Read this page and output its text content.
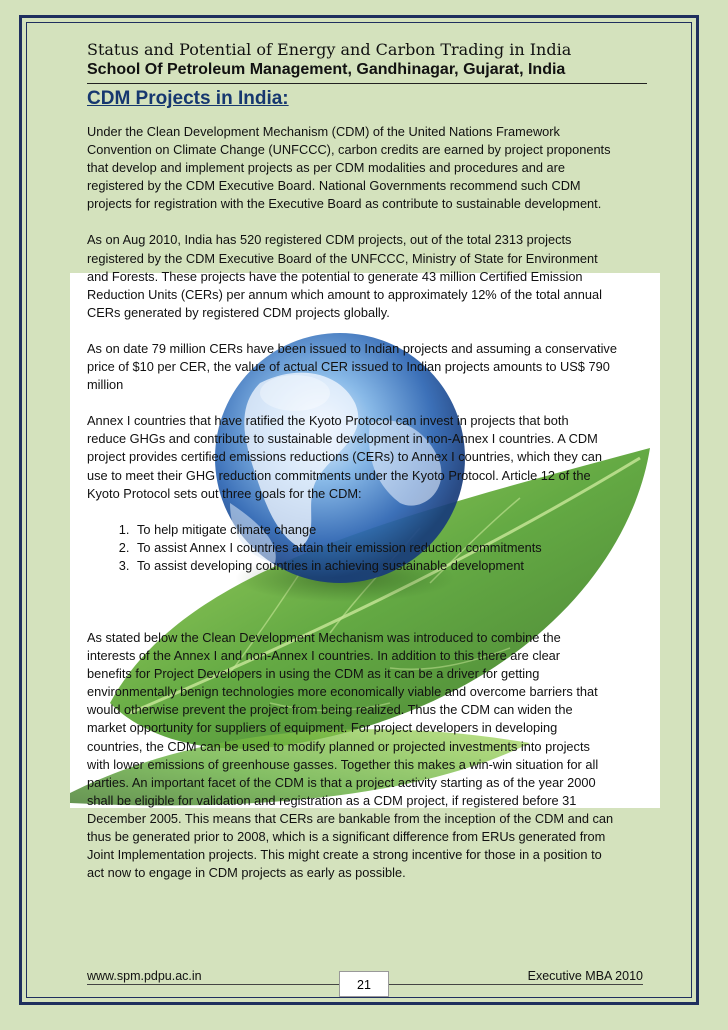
Status and Potential of Energy and Carbon Trading in India
School Of Petroleum Management, Gandhinagar, Gujarat, India
CDM Projects in India:
Under the Clean Development Mechanism (CDM) of the United Nations Framework
Convention on Climate Change (UNFCCC), carbon credits are earned by project proponents
that develop and implement projects as per CDM modalities and procedures and are
registered by the CDM Executive Board. National Governments recommend such CDM
projects for registration with the Executive Board as contribute to sustainable development.
As on Aug 2010, India has 520 registered CDM projects, out of the total 2313 projects
registered by the CDM Executive Board of the UNFCCC, Ministry of State for Environment
and Forests. These projects have the potential to generate 43 million Certified Emission
Reduction Units (CERs) per annum which amount to approximately 12% of the total annual
CERs generated by registered CDM projects globally.
As on date 79 million CERs have been issued to Indian projects and assuming a conservative
price of $10 per CER, the value of actual CER issued to Indian projects amounts to US$ 790
million
Annex I countries that have ratified the Kyoto Protocol can invest in projects that both
reduce GHGs and contribute to sustainable development in non-Annex I countries. A CDM
project provides certified emissions reductions (CERs) to Annex I countries, which they can
use to meet their GHG reduction commitments under the Kyoto Protocol. Article 12 of the
Kyoto Protocol sets out three goals for the CDM:
1. To help mitigate climate change
2. To assist Annex I countries attain their emission reduction commitments
3. To assist developing countries in achieving sustainable development
As stated below the Clean Development Mechanism was introduced to combine the
interests of the Annex I and non-Annex I countries. In addition to this there are clear
benefits for Project Developers in using the CDM as it can be a driver for getting
environmentally benign technologies more economically viable and overcome barriers that
would otherwise prevent the project from being realized. Thus the CDM can widen the
market opportunity for suppliers of equipment. For project developers in developing
countries, the CDM can be used to modify planned or projected investments into projects
with lower emissions of greenhouse gasses. Together this makes a win-win situation for all
parties. An important facet of the CDM is that a project activity starting as of the year 2000
shall be eligible for validation and registration as a CDM project, if registered before 31
December 2005. This means that CERs are bankable from the inception of the CDM and can
thus be generated prior to 2008, which is a significant difference from ERUs generated from
Joint Implementation projects. This might create a strong incentive for those in a position to
act now to engage in CDM projects as early as possible.
www.spm.pdpu.ac.in	Executive MBA 2010
21
